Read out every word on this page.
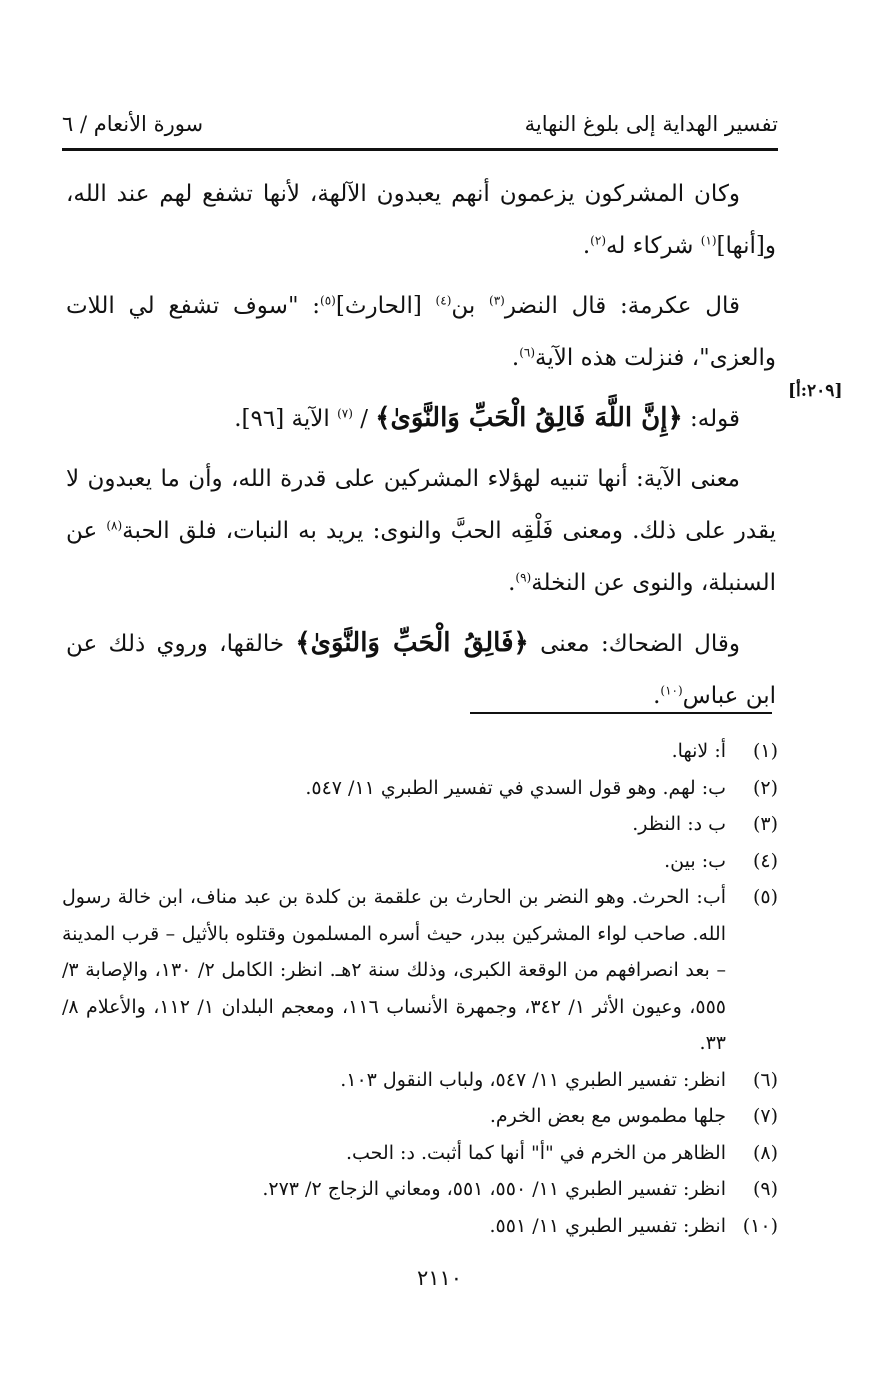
تفسير الهداية إلى بلوغ النهاية
سورة الأنعام / ٦
[٢٠٩:أ]

وكان المشركون يزعمون أنهم يعبدون الآلهة، لأنها تشفع لهم عند الله، و[أنها]$^{(١)}$ شركاء له$^{(٢)}$.

قال عكرمة: قال النضر$^{(٣)}$ بن$^{(٤)}$ [الحارث]$^{(٥)}$: "سوف تشفع لي اللات والعزى"، فنزلت هذه الآية$^{(٦)}$.

قوله: ﴿إِنَّ اللَّهَ فَالِقُ الْحَبِّ وَالنَّوَىٰ﴾ / $^{(٧)}$ الآية [٩٦].

معنى الآية: أنها تنبيه لهؤلاء المشركين على قدرة الله، وأن ما يعبدون لا يقدر على ذلك. ومعنى فَلْقِه الحبَّ والنوى: يريد به النبات، فلق الحبة$^{(٨)}$ عن السنبلة، والنوى عن النخلة$^{(٩)}$.

وقال الضحاك: معنى ﴿فَالِقُ الْحَبِّ وَالنَّوَىٰ﴾ خالقها، وروي ذلك عن ابن عباس$^{(١٠)}$.

(١)
أ: لانها.
(٢)
ب: لهم. وهو قول السدي في تفسير الطبري ١١/ ٥٤٧.
(٣)
ب د: النظر.
(٤)
ب: بين.
(٥)
أب: الحرث. وهو النضر بن الحارث بن علقمة بن كلدة بن عبد مناف، ابن خالة رسول الله. صاحب لواء المشركين ببدر، حيث أسره المسلمون وقتلوه بالأثيل – قرب المدينة – بعد انصرافهم من الوقعة الكبرى، وذلك سنة ٢هـ. انظر: الكامل ٢/ ١٣٠، والإصابة ٣/ ٥٥٥، وعيون الأثر ١/ ٣٤٢، وجمهرة الأنساب ١١٦، ومعجم البلدان ١/ ١١٢، والأعلام ٨/ ٣٣.
(٦)
انظر: تفسير الطبري ١١/ ٥٤٧، ولباب النقول ١٠٣.
(٧)
جلها مطموس مع بعض الخرم.
(٨)
الظاهر من الخرم في "أ" أنها كما أثبت. د: الحب.
(٩)
انظر: تفسير الطبري ١١/ ٥٥٠، ٥٥١، ومعاني الزجاج ٢/ ٢٧٣.
(١٠)
انظر: تفسير الطبري ١١/ ٥٥١.
٢١١٠
